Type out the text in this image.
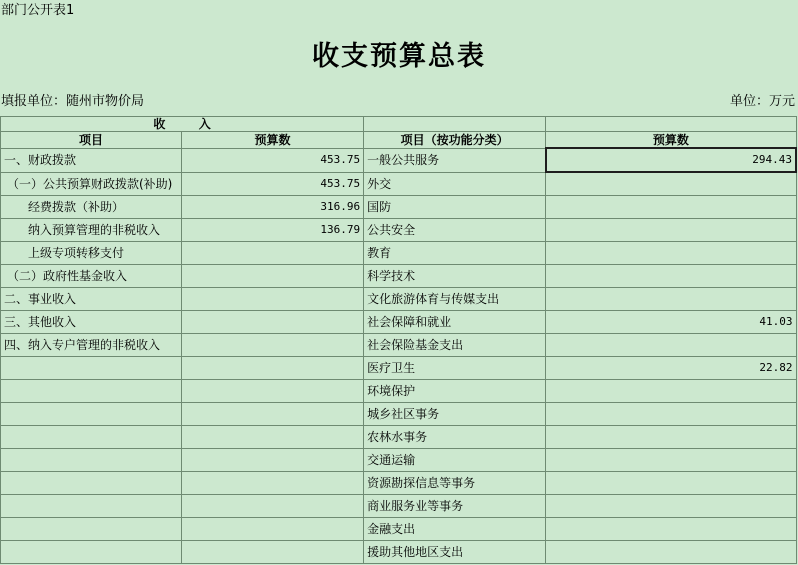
部门公开表1
收支预算总表
填报单位：随州市物价局	单位：万元
收        入			
项目	预算数	项目（按功能分类）	预算数
一、财政拨款	453.75	一般公共服务	294.43
（一）公共预算财政拨款(补助)	453.75	外交	
经费拨款（补助）	316.96	国防	
纳入预算管理的非税收入	136.79	公共安全	
上级专项转移支付		教育	
（二）政府性基金收入		科学技术	
二、事业收入		文化旅游体育与传媒支出	
三、其他收入		社会保障和就业	41.03
四、纳入专户管理的非税收入		社会保险基金支出	
		医疗卫生	22.82
		环境保护	
		城乡社区事务	
		农林水事务	
		交通运输	
		资源勘探信息等事务	
		商业服务业等事务	
		金融支出	
		援助其他地区支出	
